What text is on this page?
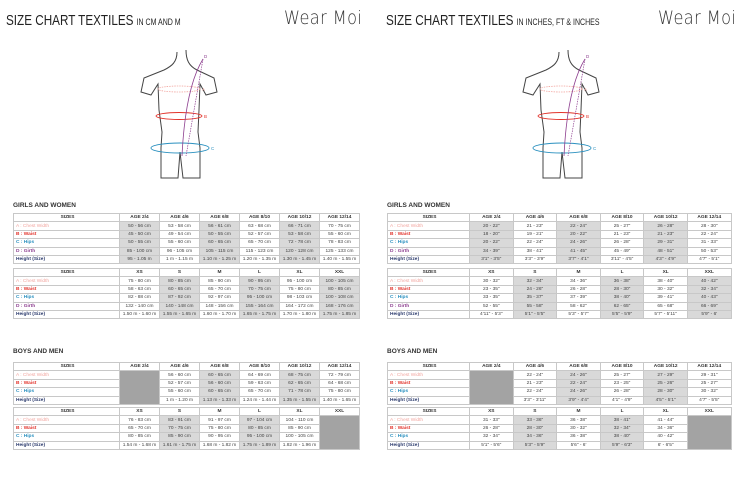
SIZE CHART TEXTILES IN CM AND M	Wear Moi
D
A
B
C
GIRLS AND WOMEN
SIZES	AGE 2/4	AGE 4/6	AGE 6/8	AGE 8/10	AGE 10/12	AGE 12/14
A : Chest Width	50 - 56 cm	53 - 58 cm	56 - 61 cm	63 - 68 cm	66 - 71 cm	70 - 75 cm
B : Waist	45 - 50 cm	49 - 54 cm	50 - 55 cm	52 - 57 cm	53 - 58 cm	55 - 60 cm
C : Hips	50 - 55 cm	55 - 60 cm	60 - 65 cm	65 - 70 cm	72 - 78 cm	78 - 83 cm
D : Girth	85 - 100 cm	96 - 105 cm	105 - 115 cm	115 - 123 cm	120 - 128 cm	125 - 133 cm
Height (Size)	95 - 1.05 m	1 m - 1.15 m	1.10 m - 1.25 m	1.20 m - 1.35 m	1.30 m - 1.45 m	1.40 m - 1.55 m
SIZES	XS	S	M	L	XL	XXL
A : Chest Width	75 - 80 cm	80 - 85 cm	85 - 90 cm	90 - 95 cm	95 - 100 cm	100 - 105 cm
B : Waist	58 - 63 cm	60 - 65 cm	65 - 70 cm	70 - 75 cm	75 - 80 cm	80 - 85 cm
C : Hips	82 - 88 cm	87 - 92 cm	92 - 97 cm	95 - 100 cm	98 - 103 cm	100 - 108 cm
D : Girth	132 - 140 cm	140 - 148 cm	148 - 156 cm	155 - 164 cm	164 - 172 cm	168 - 176 cm
Height (Size)	1.50 m - 1.60 m	1.55 m - 1.65 m	1.60 m - 1.70 m	1.65 m - 1.75 m	1.70 m - 1.80 m	1.75 m - 1.85 m
BOYS AND MEN
SIZES	AGE 2/4	AGE 4/6	AGE 6/8	AGE 8/10	AGE 10/12	AGE 12/14
A : Chest Width		56 - 60 cm	60 - 65 cm	64 - 69 cm	68 - 75 cm	72 - 79 cm
B : Waist		52 - 57 cm	56 - 60 cm	59 - 63 cm	62 - 65 cm	64 - 68 cm
C : Hips		55 - 60 cm	60 - 65 cm	65 - 70 cm	71 - 78 cm	75 - 80 cm
Height (Size)		1 m - 1.20 m	1.13 m - 1.33 m	1.24 m - 1.44 m	1.35 m - 1.55 m	1.40 m - 1.65 m
SIZES	XS	S	M	L	XL	XXL
A : Chest Width	76 - 83 cm	83 - 91 cm	91 - 97 cm	97 - 104 cm	104 - 110 cm	
B : Waist	65 - 70 cm	70 - 75 cm	75 - 80 cm	80 - 85 cm	85 - 90 cm	
C : Hips	80 - 85 cm	85 - 90 cm	90 - 95 cm	95 - 100 cm	100 - 105 cm	
Height (Size)	1.54 m - 1.68 m	1.61 m - 1.75 m	1.68 m - 1.82 m	1.75 m - 1.89 m	1.82 m - 1.96 m	
SIZE CHART TEXTILES IN INCHES, FT & INCHES	Wear Moi
D
A
B
C
GIRLS AND WOMEN
SIZES	AGE 2/4	AGE 4/6	AGE 6/8	AGE 8/10	AGE 10/12	AGE 12/14
A : Chest Width	20 - 22"	21 - 23"	22 - 24"	25 - 27"	26 - 28"	28 - 30"
B : Waist	18 - 20"	19 - 21"	20 - 22"	21 - 23"	21 - 23"	22 - 24"
C : Hips	20 - 22"	22 - 24"	24 - 26"	26 - 28"	29 - 31"	31 - 33"
D : Girth	34 - 39"	38 - 41"	41 - 45"	45 - 49"	48 - 51"	50 - 53"
Height (Size)	3'1" - 3'5"	3'3" - 3'9"	3'7" - 4'1"	3'11" - 4'5"	4'3" - 4'9"	4'7" - 5'1"
SIZES	XS	S	M	L	XL	XXL
A : Chest Width	30 - 32"	32 - 34"	34 - 36"	36 - 38"	38 - 40"	40 - 42"
B : Waist	23 - 35"	24 - 26"	26 - 28"	28 - 30"	30 - 32"	32 - 34"
C : Hips	33 - 35"	35 - 37"	37 - 39"	38 - 40"	39 - 41"	40 - 43"
D : Girth	52 - 55"	55 - 58"	58 - 62"	62 - 65"	65 - 68"	66 - 69"
Height (Size)	4'11" - 5'3"	5'1" - 5'5"	5'3" - 5'7"	5'5" - 5'9"	5'7" - 5'11"	5'9" - 6'
BOYS AND MEN
SIZES	AGE 2/4	AGE 4/6	AGE 6/8	AGE 8/10	AGE 10/12	AGE 12/14
A : Chest Width		22 - 24"	24 - 26"	25 - 27"	27 - 29"	29 - 31"
B : Waist		21 - 23"	22 - 24"	23 - 25"	25 - 26"	25 - 27"
C : Hips		22 - 24"	24 - 26"	26 - 28"	28 - 30"	30 - 32"
Height (Size)		3'3" - 3'11"	3'9" - 4'4"	4'1" - 4'9"	4'5" - 5'1"	4'7" - 5'5"
SIZES	XS	S	M	L	XL	XXL
A : Chest Width	31 - 33"	33 - 36"	36 - 38"	38 - 41"	41 - 44"	
B : Waist	26 - 28"	28 - 30"	30 - 32"	32 - 34"	34 - 36"	
C : Hips	32 - 34"	34 - 36"	36 - 38"	38 - 40"	40 - 42"	
Height (Size)	5'1" - 5'6"	5'3" - 5'9"	5'6" - 6'	5'9" - 6'3"	6' - 6'5"	
